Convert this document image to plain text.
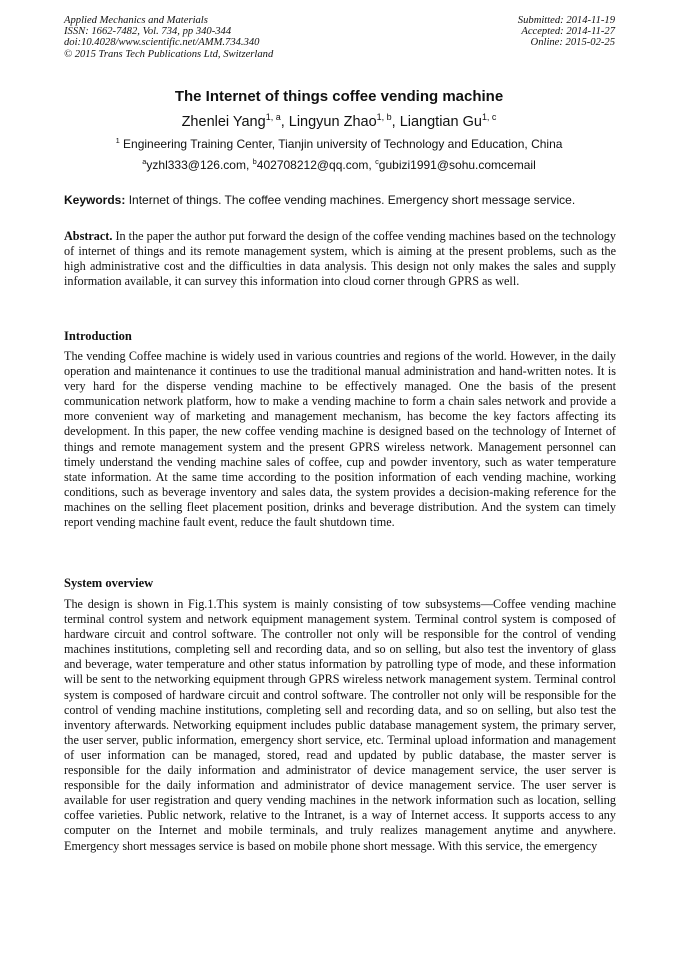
Applied Mechanics and Materials
ISSN: 1662-7482, Vol. 734, pp 340-344
doi:10.4028/www.scientific.net/AMM.734.340
© 2015 Trans Tech Publications Ltd, Switzerland
Submitted: 2014-11-19
Accepted: 2014-11-27
Online: 2015-02-25
The Internet of things coffee vending machine
Zhenlei Yang$^{1, a}$, Lingyun Zhao$^{1, b}$, Liangtian Gu$^{1, c}$
$^1$ Engineering Training Center, Tianjin university of Technology and Education, China
$^a$yzhl333@126.com, $^b$402708212@qq.com, $^c$gubizi1991@sohu.comcemail
Keywords: Internet of things. The coffee vending machines. Emergency short message service.
Abstract. In the paper the author put forward the design of the coffee vending machines based on the technology of internet of things and its remote management system, which is aiming at the present problems, such as the high administrative cost and the difficulties in data analysis. This design not only makes the sales and supply information available, it can survey this information into cloud corner through GPRS as well.
Introduction
The vending Coffee machine is widely used in various countries and regions of the world. However, in the daily operation and maintenance it continues to use the traditional manual administration and hand-written notes. It is very hard for the disperse vending machine to be effectively managed. One the basis of the present communication network platform, how to make a vending machine to form a chain sales network and provide a more convenient way of marketing and management mechanism, has become the key factors affecting its development. In this paper, the new coffee vending machine is designed based on the technology of Internet of things and remote management system and the present GPRS wireless network. Management personnel can timely understand the vending machine sales of coffee, cup and powder inventory, such as water temperature state information. At the same time according to the position information of each vending machine, working conditions, such as beverage inventory and sales data, the system provides a decision-making reference for the machines on the selling fleet placement position, drinks and beverage distribution. And the system can timely report vending machine fault event, reduce the fault shutdown time.
System overview
The design is shown in Fig.1.This system is mainly consisting of tow subsystems—Coffee vending machine terminal control system and network equipment management system. Terminal control system is composed of hardware circuit and control software. The controller not only will be responsible for the control of vending machines institutions, completing sell and recording data, and so on selling, but also test the inventory of glass and beverage, water temperature and other status information by patrolling type of mode, and these information will be sent to the networking equipment through GPRS wireless network management system. Terminal control system is composed of hardware circuit and control software. The controller not only will be responsible for the control of vending machine institutions, completing sell and recording data, and so on selling, but also test the inventory afterwards. Networking equipment includes public database management system, the primary server, the user server, public information, emergency short service, etc. Terminal upload information and management of user information can be managed, stored, read and updated by public database, the master server is responsible for the daily information and administrator of device management service, the user server is responsible for the daily information and administrator of device management service. The user server is available for user registration and query vending machines in the network information such as location, selling coffee varieties. Public network, relative to the Intranet, is a way of Internet access. It supports access to any computer on the Internet and mobile terminals, and truly realizes management anytime and anywhere. Emergency short messages service is based on mobile phone short message. With this service, the emergency
